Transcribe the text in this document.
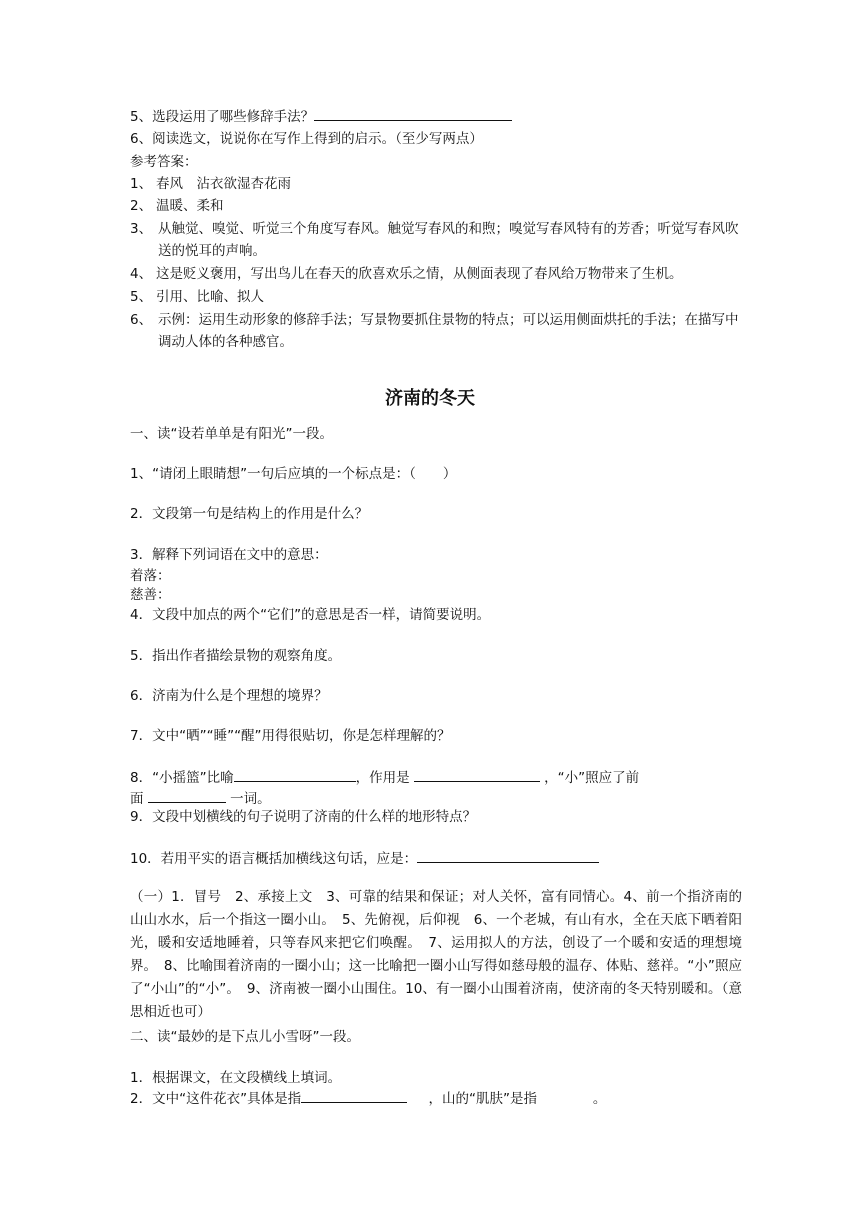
5、选段运用了哪些修辞手法？
6、阅读选文，说说你在写作上得到的启示。（至少写两点）
参考答案：
1、 春风　沾衣欲湿杏花雨
2、 温暖、柔和
3、 从触觉、嗅觉、听觉三个角度写春风。触觉写春风的和煦；嗅觉写春风特有的芳香；听觉写春风吹送的悦耳的声响。
4、 这是贬义褒用，写出鸟儿在春天的欣喜欢乐之情，从侧面表现了春风给万物带来了生机。
5、 引用、比喻、拟人
6、 示例：运用生动形象的修辞手法；写景物要抓住景物的特点；可以运用侧面烘托的手法；在描写中调动人体的各种感官。
济南的冬天
一、读“设若单单是有阳光”一段。
1、“请闭上眼睛想”一句后应填的一个标点是：（　　）
2．文段第一句是结构上的作用是什么？
3．解释下列词语在文中的意思：
着落：
慈善：
4．文段中加点的两个“它们”的意思是否一样，请简要说明。
5．指出作者描绘景物的观察角度。
6．济南为什么是个理想的境界？
7．文中“晒”“睡”“醒”用得很贴切，你是怎样理解的？
8．“小摇篮”比喻	，作用是	，“小”照应了前
面	一词。
9．文段中划横线的句子说明了济南的什么样的地形特点？
10．若用平实的语言概括加横线这句话，应是：
（一）1．冒号　2、承接上文　3、可靠的结果和保证；对人关怀，富有同情心。4、前一个指济南的山山水水，后一个指这一圈小山。　5、先俯视，后仰视　6、一个老城，有山有水，全在天底下晒着阳光，暖和安适地睡着，只等春风来把它们唤醒。　7、运用拟人的方法，创设了一个暖和安适的理想境界。　8、比喻围着济南的一圈小山；这一比喻把一圈小山写得如慈母般的温存、体贴、慈祥。“小”照应了“小山”的“小”。　9、济南被一圈小山围住。10、有一圈小山围着济南，使济南的冬天特别暖和。（意思相近也可）
二、读“最妙的是下点儿小雪呀”一段。
1．根据课文，在文段横线上填词。
2．文中“这件花衣”具体是指	，山的“肌肤”是指	。
